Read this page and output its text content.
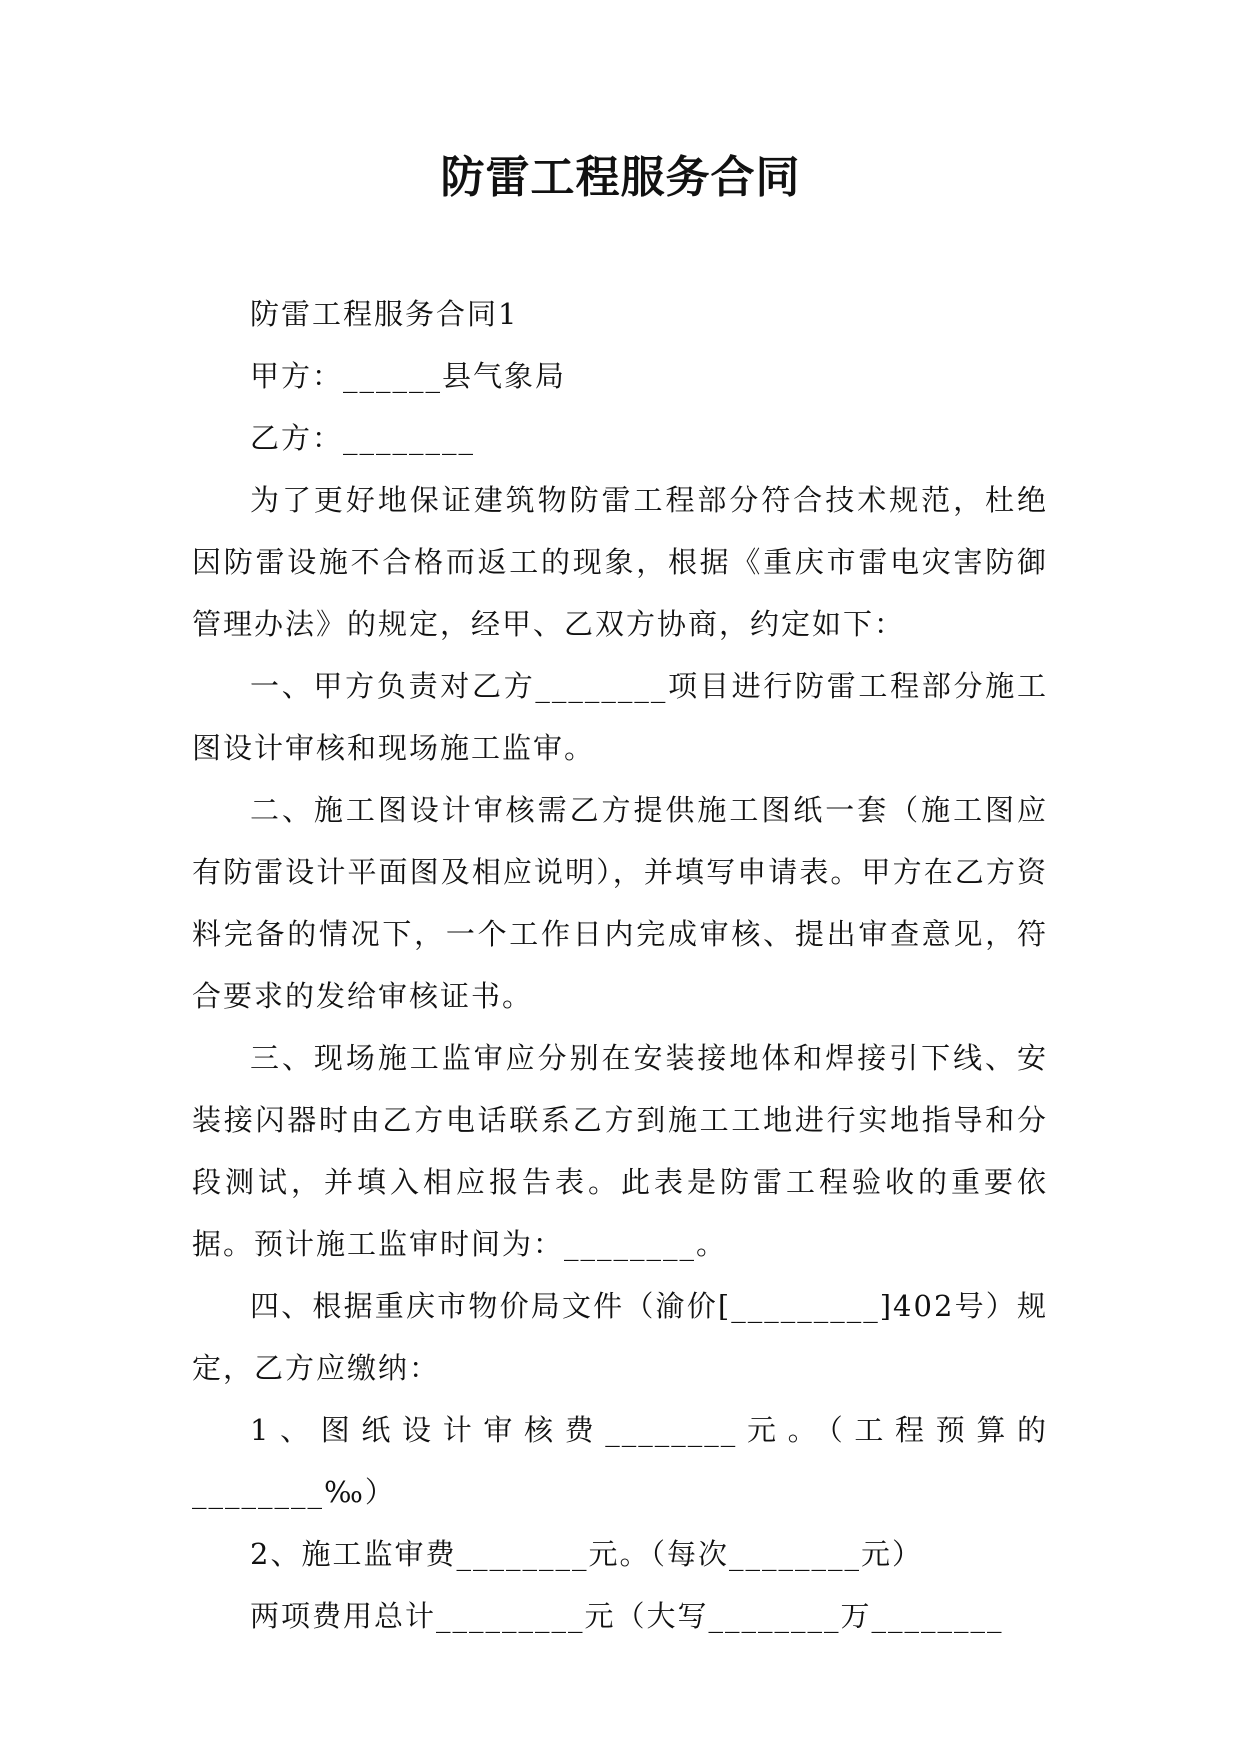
防雷工程服务合同

防雷工程服务合同1

甲方：______县气象局

乙方：________

为了更好地保证建筑物防雷工程部分符合技术规范，杜绝因防雷设施不合格而返工的现象，根据《重庆市雷电灾害防御管理办法》的规定，经甲、乙双方协商，约定如下：

一、甲方负责对乙方________项目进行防雷工程部分施工图设计审核和现场施工监审。

二、施工图设计审核需乙方提供施工图纸一套（施工图应有防雷设计平面图及相应说明），并填写申请表。甲方在乙方资料完备的情况下，一个工作日内完成审核、提出审查意见，符合要求的发给审核证书。

三、现场施工监审应分别在安装接地体和焊接引下线、安装接闪器时由乙方电话联系乙方到施工工地进行实地指导和分段测试，并填入相应报告表。此表是防雷工程验收的重要依据。预计施工监审时间为：________。

四、根据重庆市物价局文件（渝价[_________]402号）规定，乙方应缴纳：

1、图纸设计审核费________元。（工程预算的________‰）

2、施工监审费________元。（每次________元）

两项费用总计_________元（大写________万________
